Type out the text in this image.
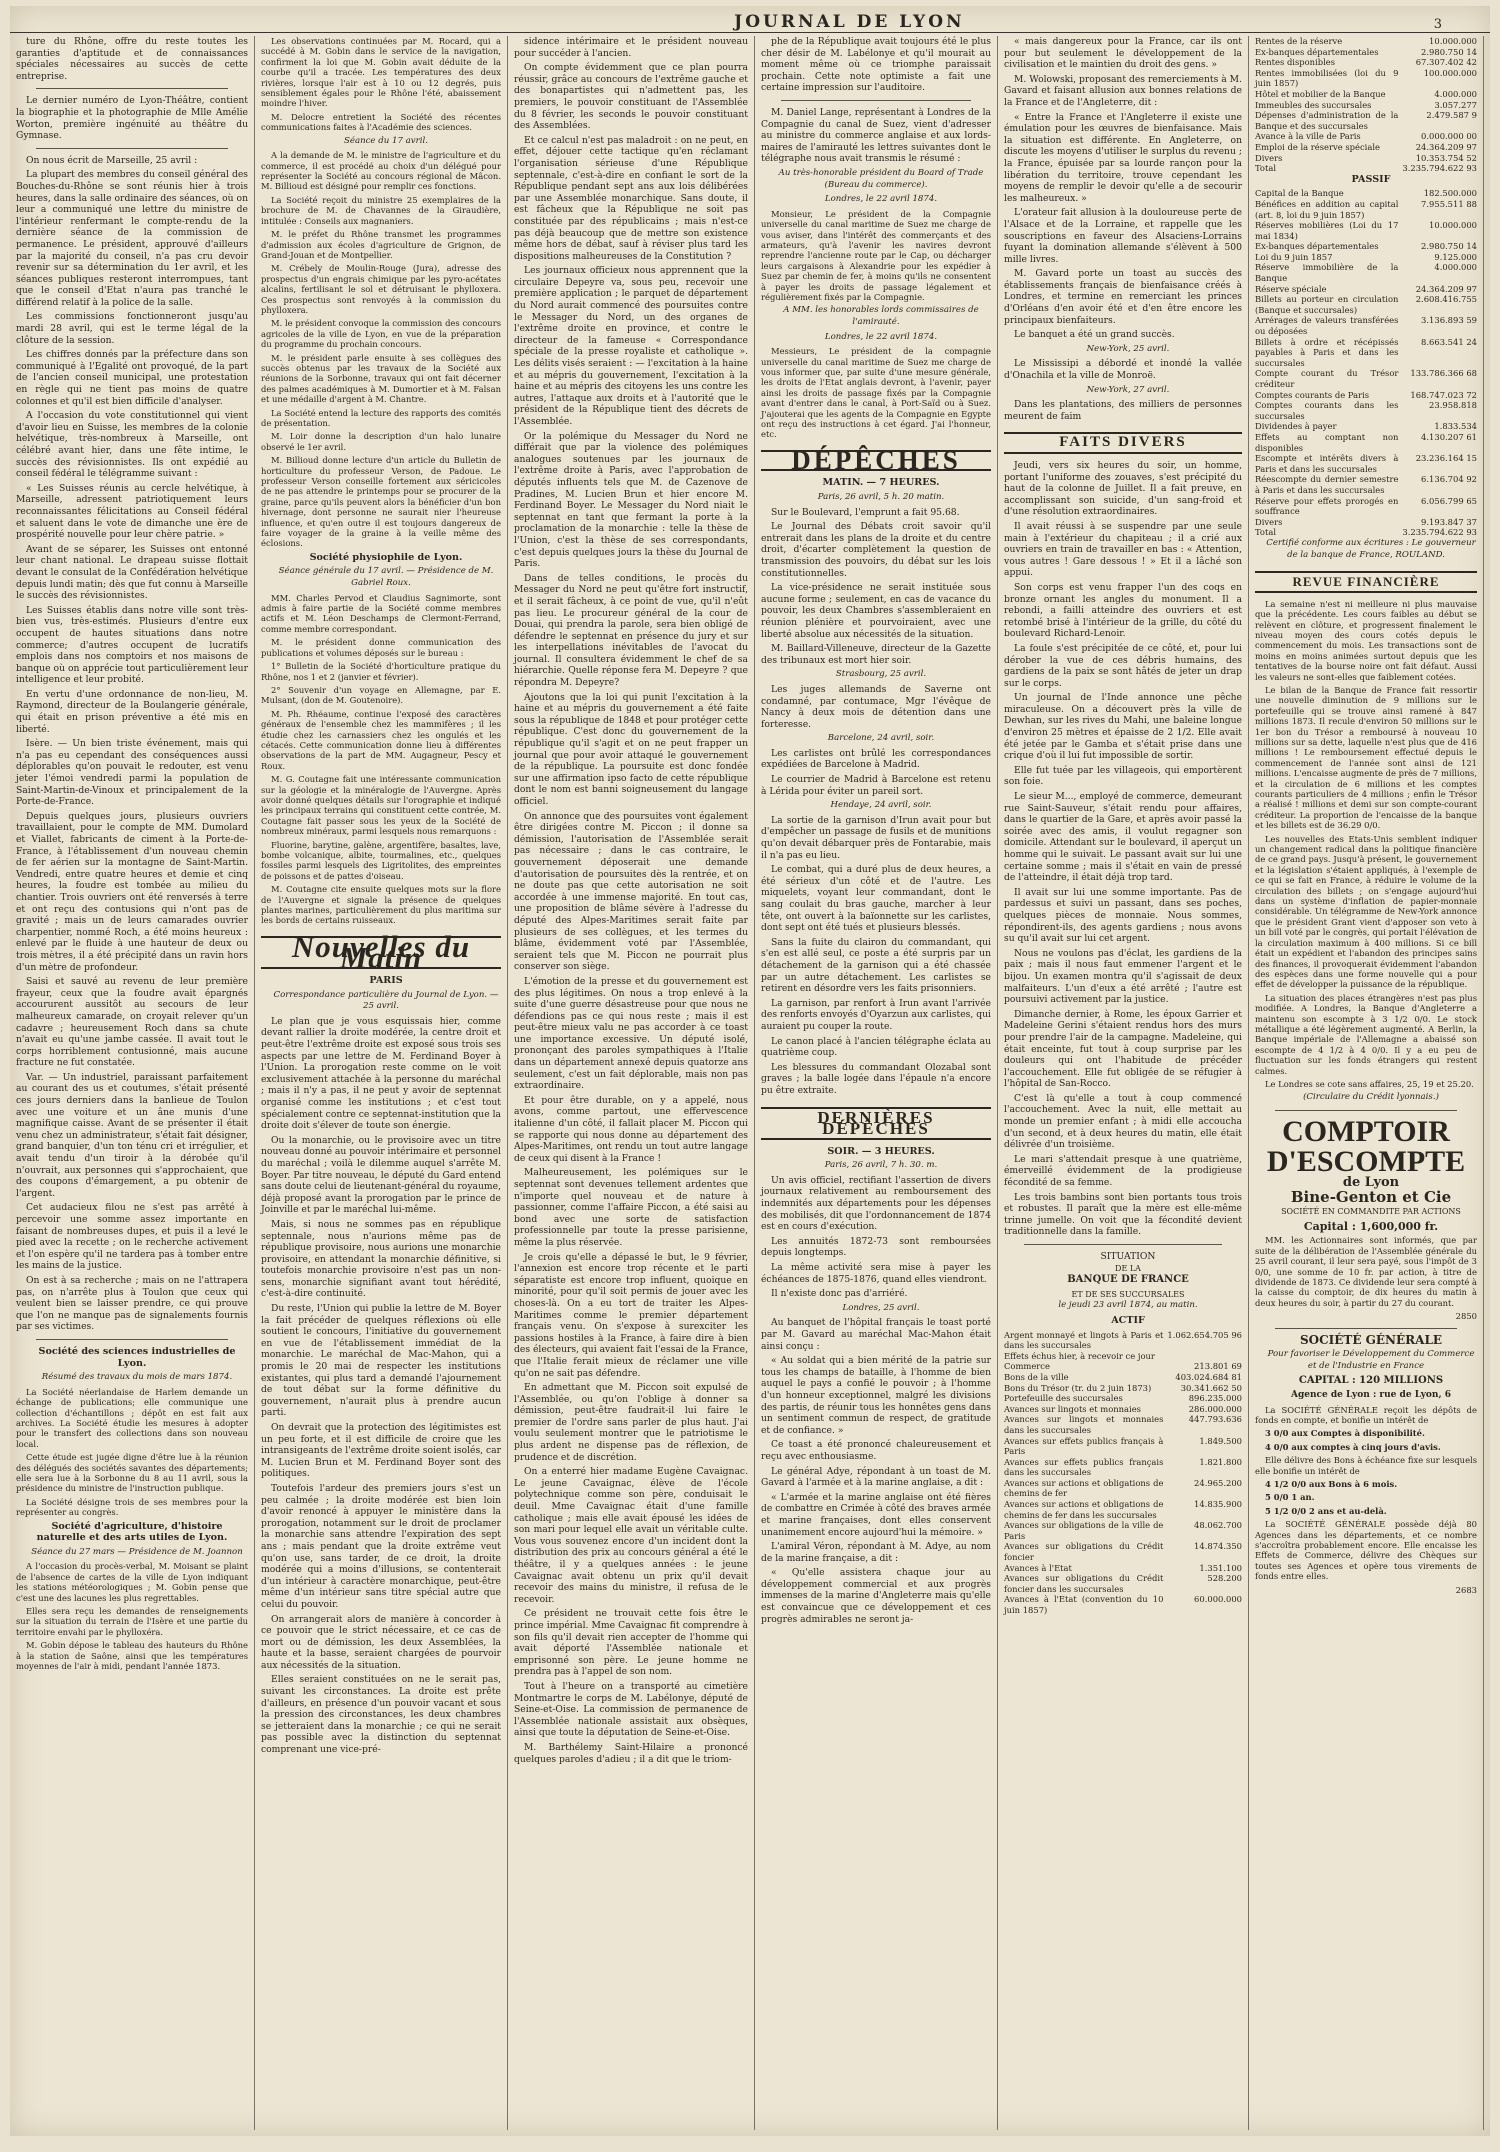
JOURNAL DE LYON	3

ture du Rhône, offre du reste toutes les garanties d'aptitude et de connaissances spéciales nécessaires au succès de cette entreprise.

Le dernier numéro de Lyon-Théâtre, contient la biographie et la photographie de Mlle Amélie Worton, première ingénuité au théâtre du Gymnase.

On nous écrit de Marseille, 25 avril :

La plupart des membres du conseil général des Bouches-du-Rhône se sont réunis hier à trois heures, dans la salle ordinaire des séances, où on leur a communiqué une lettre du ministre de l'intérieur renfermant le compte-rendu de la dernière séance de la commission de permanence. Le président, approuvé d'ailleurs par la majorité du conseil, n'a pas cru devoir revenir sur sa détermination du 1er avril, et les séances publiques resteront interrompues, tant que le conseil d'Etat n'aura pas tranché le différend relatif à la police de la salle.

Les commissions fonctionneront jusqu'au mardi 28 avril, qui est le terme légal de la clôture de la session.

Les chiffres donnés par la préfecture dans son communiqué à l'Egalité ont provoqué, de la part de l'ancien conseil municipal, une protestation en règle qui ne tient pas moins de quatre colonnes et qu'il est bien difficile d'analyser.

A l'occasion du vote constitutionnel qui vient d'avoir lieu en Suisse, les membres de la colonie helvétique, très-nombreux à Marseille, ont célébré avant hier, dans une fête intime, le succès des révisionnistes. Ils ont expédié au conseil fédéral le télégramme suivant :

« Les Suisses réunis au cercle helvétique, à Marseille, adressent patriotiquement leurs reconnaissantes félicitations au Conseil fédéral et saluent dans le vote de dimanche une ère de prospérité nouvelle pour leur chère patrie. »

Avant de se séparer, les Suisses ont entonné leur chant national. Le drapeau suisse flottait devant le consulat de la Confédération helvétique depuis lundi matin; dès que fut connu à Marseille le succès des révisionnistes.

Les Suisses établis dans notre ville sont très-bien vus, très-estimés. Plusieurs d'entre eux occupent de hautes situations dans notre commerce; d'autres occupent de lucratifs emplois dans nos comptoirs et nos maisons de banque où on apprécie tout particulièrement leur intelligence et leur probité.

En vertu d'une ordonnance de non-lieu, M. Raymond, directeur de la Boulangerie générale, qui était en prison préventive a été mis en liberté.

Isère. — Un bien triste événement, mais qui n'a pas eu cependant des conséquences aussi déplorables qu'on pouvait le redouter, est venu jeter l'émoi vendredi parmi la population de Saint-Martin-de-Vinoux et principalement de la Porte-de-France.

Depuis quelques jours, plusieurs ouvriers travaillaient, pour le compte de MM. Dumolard et Viallet, fabricants de ciment à la Porte-de-France, à l'établissement d'un nouveau chemin de fer aérien sur la montagne de Saint-Martin. Vendredi, entre quatre heures et demie et cinq heures, la foudre est tombée au milieu du chantier. Trois ouvriers ont été renversés à terre et ont reçu des contusions qui n'ont pas de gravité ; mais un de leurs camarades ouvrier charpentier, nommé Roch, a été moins heureux : enlevé par le fluide à une hauteur de deux ou trois mètres, il a été précipité dans un ravin hors d'un mètre de profondeur.

Saisi et sauvé au revenu de leur première frayeur, ceux que la foudre avait épargnés accoururent aussitôt au secours de leur malheureux camarade, on croyait relever qu'un cadavre ; heureusement Roch dans sa chute n'avait eu qu'une jambe cassée. Il avait tout le corps horriblement contusionné, mais aucune fracture ne fut constatée.

Var. — Un industriel, paraissant parfaitement au courant des us et coutumes, s'était présenté ces jours derniers dans la banlieue de Toulon avec une voiture et un âne munis d'une magnifique caisse. Avant de se présenter il était venu chez un administrateur, s'était fait désigner, grand banquier, d'un ton ténu cri et irrégulier, et avait tendu d'un tiroir à la dérobée qu'il n'ouvrait, aux personnes qui s'approchaient, que des coupons d'émargement, a pu obtenir de l'argent.

Cet audacieux filou ne s'est pas arrêté à percevoir une somme assez importante en faisant de nombreuses dupes, et puis il a levé le pied avec la recette ; on le recherche activement et l'on espère qu'il ne tardera pas à tomber entre les mains de la justice.

On est à sa recherche ; mais on ne l'attrapera pas, on n'arrête plus à Toulon que ceux qui veulent bien se laisser prendre, ce qui prouve que l'on ne manque pas de signalements fournis par ses victimes.

Société des sciences industrielles de Lyon.

Résumé des travaux du mois de mars 1874.

La Société néerlandaise de Harlem demande un échange de publications; elle communique une collection d'échantillons ; dépôt en est fait aux archives. La Société étudie les mesures à adopter pour le transfert des collections dans son nouveau local.

Cette étude est jugée digne d'être lue à la réunion des délégués des sociétés savantes des départements; elle sera lue à la Sorbonne du 8 au 11 avril, sous la présidence du ministre de l'instruction publique.

La Société désigne trois de ses membres pour la représenter au congrès.

Société d'agriculture, d'histoire naturelle et des arts utiles de Lyon.

Séance du 27 mars — Présidence de M. Joannon

A l'occasion du procès-verbal, M. Moisant se plaint de l'absence de cartes de la ville de Lyon indiquant les stations météorologiques ; M. Gobin pense que c'est une des lacunes les plus regrettables.

Elles sera reçu les demandes de renseignements sur la situation du terrain de l'Isère et une partie du territoire envahi par le phylloxéra.

M. Gobin dépose le tableau des hauteurs du Rhône à la station de Saône, ainsi que les températures moyennes de l'air à midi, pendant l'année 1873.

Les observations continuées par M. Rocard, qui a succédé à M. Gobin dans le service de la navigation, confirment la loi que M. Gobin avait déduite de la courbe qu'il a tracée. Les températures des deux rivières, lorsque l'air est à 10 ou 12 degrés, puis sensiblement égales pour le Rhône l'été, abaissement moindre l'hiver.

M. Delocre entretient la Société des récentes communications faites à l'Académie des sciences.

Séance du 17 avril.

A la demande de M. le ministre de l'agriculture et du commerce, il est procédé au choix d'un délégué pour représenter la Société au concours régional de Mâcon. M. Billioud est désigné pour remplir ces fonctions.

La Société reçoit du ministre 25 exemplaires de la brochure de M. de Chavannes de la Giraudière, intitulée : Conseils aux magnaniers.

M. le préfet du Rhône transmet les programmes d'admission aux écoles d'agriculture de Grignon, de Grand-Jouan et de Montpellier.

M. Crébely de Moulin-Rouge (Jura), adresse des prospectus d'un engrais chimique par les pyro-acétates alcalins, fertilisant le sol et détruisant le phylloxera. Ces prospectus sont renvoyés à la commission du phylloxera.

M. le président convoque la commission des concours agricoles de la ville de Lyon, en vue de la préparation du programme du prochain concours.

M. le président parle ensuite à ses collègues des succès obtenus par les travaux de la Société aux réunions de la Sorbonne, travaux qui ont fait décerner des palmes académiques à M. Dumortier et à M. Falsan et une médaille d'argent à M. Chantre.

La Société entend la lecture des rapports des comités de présentation.

M. Loir donne la description d'un halo lunaire observé le 1er avril.

M. Billioud donne lecture d'un article du Bulletin de horticulture du professeur Verson, de Padoue. Le professeur Verson conseille fortement aux séricicoles de ne pas attendre le printemps pour se procurer de la graine, parce qu'ils peuvent alors la bénéficier d'un bon hivernage, dont personne ne saurait nier l'heureuse influence, et qu'en outre il est toujours dangereux de faire voyager de la graine à la veille même des éclosions.

Société physiophile de Lyon.

Séance générale du 17 avril. — Présidence de M. Gabriel Roux.

MM. Charles Pervod et Claudius Sagnimorte, sont admis à faire partie de la Société comme membres actifs et M. Léon Deschamps de Clermont-Ferrand, comme membre correspondant.

M. le président donne communication des publications et volumes déposés sur le bureau :

1° Bulletin de la Société d'horticulture pratique du Rhône, nos 1 et 2 (janvier et février).

2° Souvenir d'un voyage en Allemagne, par E. Mulsant, (don de M. Goutenoire).

M. Ph. Rhéaume, continue l'exposé des caractères généraux de l'ensemble chez les mammifères ; il les étudie chez les carnassiers chez les ongulés et les cétacés. Cette communication donne lieu à différentes observations de la part de MM. Augagneur, Pescy et Roux.

M. G. Coutagne fait une intéressante communication sur la géologie et la minéralogie de l'Auvergne. Après avoir donné quelques détails sur l'orographie et indiqué les principaux terrains qui constituent cette contrée, M. Coutagne fait passer sous les yeux de la Société de nombreux minéraux, parmi lesquels nous remarquons :

Fluorine, barytine, galène, argentifère, basaltes, lave, bombe volcanique, albite, tourmalines, etc., quelques fossiles parmi lesquels des Ligritolites, des empreintes de poissons et de pattes d'oiseau.

M. Coutagne cite ensuite quelques mots sur la flore de l'Auvergne et signale la présence de quelques plantes marines, particulièrement du plus maritima sur les bords de certains ruisseaux.

Nouvelles du Matin

PARIS

Correspondance particulière du Journal de Lyon. — 25 avril.

Le plan que je vous esquissais hier, comme devant rallier la droite modérée, la centre droit et peut-être l'extrême droite est exposé sous trois ses aspects par une lettre de M. Ferdinand Boyer à l'Union. La prorogation reste comme on le voit exclusivement attachée à la personne du maréchal ; mais il n'y a pas, il ne peut y avoir de septennat organisé comme les institutions ; et c'est tout spécialement contre ce septennat-institution que la droite doit s'élever de toute son énergie.

Ou la monarchie, ou le provisoire avec un titre nouveau donné au pouvoir intérimaire et personnel du maréchal ; voilà le dilemme auquel s'arrête M. Boyer. Par titre nouveau, le député du Gard entend sans doute celui de lieutenant-général du royaume, déjà proposé avant la prorogation par le prince de Joinville et par le maréchal lui-même.

Mais, si nous ne sommes pas en république septennale, nous n'aurions même pas de république provisoire, nous aurions une monarchie provisoire, en attendant la monarchie définitive, si toutefois monarchie provisoire n'est pas un non-sens, monarchie signifiant avant tout hérédité, c'est-à-dire continuité.

Du reste, l'Union qui publie la lettre de M. Boyer la fait précéder de quelques réflexions où elle soutient le concours, l'initiative du gouvernement en vue de l'établissement immédiat de la monarchie. Le maréchal de Mac-Mahon, qui a promis le 20 mai de respecter les institutions existantes, qui plus tard a demandé l'ajournement de tout débat sur la forme définitive du gouvernement, n'aurait plus à prendre aucun parti.

On devrait que la protection des légitimistes est un peu forte, et il est difficile de croire que les intransigeants de l'extrême droite soient isolés, car M. Lucien Brun et M. Ferdinand Boyer sont des politiques.

Toutefois l'ardeur des premiers jours s'est un peu calmée ; la droite modérée est bien loin d'avoir renoncé à appuyer le ministère dans la prorogation, notamment sur le droit de proclamer la monarchie sans attendre l'expiration des sept ans ; mais pendant que la droite extrême veut qu'on use, sans tarder, de ce droit, la droite modérée qui a moins d'illusions, se contenterait d'un intérieur à caractère monarchique, peut-être même d'un intérieur sans titre spécial autre que celui du pouvoir.

On arrangerait alors de manière à concorder à ce pouvoir que le strict nécessaire, et ce cas de mort ou de démission, les deux Assemblées, la haute et la basse, seraient chargées de pourvoir aux nécessités de la situation.

Elles seraient constituées on ne le serait pas, suivant les circonstances. La droite est prête d'ailleurs, en présence d'un pouvoir vacant et sous la pression des circonstances, les deux chambres se jetteraient dans la monarchie ; ce qui ne serait pas possible avec la distinction du septennat comprenant une vice-pré-

sidence intérimaire et le président nouveau pour succéder à l'ancien.

On compte évidemment que ce plan pourra réussir, grâce au concours de l'extrême gauche et des bonapartistes qui n'admettent pas, les premiers, le pouvoir constituant de l'Assemblée du 8 février, les seconds le pouvoir constituant des Assemblées.

Et ce calcul n'est pas maladroit : on ne peut, en effet, déjouer cette tactique qu'en réclamant l'organisation sérieuse d'une République septennale, c'est-à-dire en confiant le sort de la République pendant sept ans aux lois délibérées par une Assemblée monarchique. Sans doute, il est fâcheux que la République ne soit pas constituée par des républicains ; mais n'est-ce pas déjà beaucoup que de mettre son existence même hors de débat, sauf à réviser plus tard les dispositions malheureuses de la Constitution ?

Les journaux officieux nous apprennent que la circulaire Depeyre va, sous peu, recevoir une première application ; le parquet de département du Nord aurait commencé des poursuites contre le Messager du Nord, un des organes de l'extrême droite en province, et contre le directeur de la fameuse « Correspondance spéciale de la presse royaliste et catholique ». Les délits visés seraient : — l'excitation à la haine et au mépris du gouvernement, l'excitation à la haine et au mépris des citoyens les uns contre les autres, l'attaque aux droits et à l'autorité que le président de la République tient des décrets de l'Assemblée.

Or la polémique du Messager du Nord ne différait que par la violence des polémiques analogues soutenues par les journaux de l'extrême droite à Paris, avec l'approbation de députés influents tels que M. de Cazenove de Pradines, M. Lucien Brun et hier encore M. Ferdinand Boyer. Le Messager du Nord niait le septennat en tant que fermant la porte à la proclamation de la monarchie : telle la thèse de l'Union, c'est la thèse de ses correspondants, c'est depuis quelques jours la thèse du Journal de Paris.

Dans de telles conditions, le procès du Messager du Nord ne peut qu'être fort instructif, et il serait fâcheux, à ce point de vue, qu'il n'eût pas lieu. Le procureur général de la cour de Douai, qui prendra la parole, sera bien obligé de défendre le septennat en présence du jury et sur les interpellations inévitables de l'avocat du journal. Il consultera évidemment le chef de sa hiérarchie. Quelle réponse fera M. Depeyre ? que répondra M. Depeyre?

Ajoutons que la loi qui punit l'excitation à la haine et au mépris du gouvernement a été faite sous la république de 1848 et pour protéger cette république. C'est donc du gouvernement de la république qu'il s'agit et on ne peut frapper un journal que pour avoir attaqué le gouvernement de la république. La poursuite est donc fondée sur une affirmation ipso facto de cette république dont le nom est banni soigneusement du langage officiel.

On annonce que des poursuites vont également être dirigées contre M. Piccon ; il donne sa démission, l'autorisation de l'Assemblée serait pas nécessaire ; dans le cas contraire, le gouvernement déposerait une demande d'autorisation de poursuites dès la rentrée, et on ne doute pas que cette autorisation ne soit accordée à une immense majorité. En tout cas, une proposition de blâme sévère à l'adresse du député des Alpes-Maritimes serait faite par plusieurs de ses collègues, et les termes du blâme, évidemment voté par l'Assemblée, seraient tels que M. Piccon ne pourrait plus conserver son siège.

L'émotion de la presse et du gouvernement est des plus légitimes. On nous a trop enlevé à la suite d'une guerre désastreuse pour que nous ne défendions pas ce qui nous reste ; mais il est peut-être mieux valu ne pas accorder à ce toast une importance excessive. Un député isolé, prononçant des paroles sympathiques à l'Italie dans un département annexé depuis quatorze ans seulement, c'est un fait déplorable, mais non pas extraordinaire.

Et pour être durable, on y a appelé, nous avons, comme partout, une effervescence italienne d'un côté, il fallait placer M. Piccon qui se rapporte qui nous donne au département des Alpes-Maritimes, ont rendu un tout autre langage de ceux qui disent à la France !

Malheureusement, les polémiques sur le septennat sont devenues tellement ardentes que n'importe quel nouveau et de nature à passionner, comme l'affaire Piccon, a été saisi au bond avec une sorte de satisfaction professionnelle par toute la presse parisienne, même la plus réservée.

Je crois qu'elle a dépassé le but, le 9 février, l'annexion est encore trop récente et le parti séparatiste est encore trop influent, quoique en minorité, pour qu'il soit permis de jouer avec les choses-là. On a eu tort de traiter les Alpes-Maritimes comme le premier département français venu. On s'expose à surexciter les passions hostiles à la France, à faire dire à bien des électeurs, qui avaient fait l'essai de la France, que l'Italie ferait mieux de réclamer une ville qu'on ne sait pas défendre.

En admettant que M. Piccon soit expulsé de l'Assemblée, ou qu'on l'oblige à donner sa démission, peut-être faudrait-il lui faire le premier de l'ordre sans parler de plus haut. J'ai voulu seulement montrer que le patriotisme le plus ardent ne dispense pas de réflexion, de prudence et de discrétion.

On a enterré hier madame Eugène Cavaignac. Le jeune Cavaignac, élève de l'école polytechnique comme son père, conduisait le deuil. Mme Cavaignac était d'une famille catholique ; mais elle avait épousé les idées de son mari pour lequel elle avait un véritable culte. Vous vous souvenez encore d'un incident dont la distribution des prix au concours général a été le théâtre, il y a quelques années : le jeune Cavaignac avait obtenu un prix qu'il devait recevoir des mains du ministre, il refusa de le recevoir.

Ce président ne trouvait cette fois être le prince impérial. Mme Cavaignac fit comprendre à son fils qu'il devait rien accepter de l'homme qui avait déporté l'Assemblée nationale et emprisonné son père. Le jeune homme ne prendra pas à l'appel de son nom.

Tout à l'heure on a transporté au cimetière Montmartre le corps de M. Labélonye, député de Seine-et-Oise. La commission de permanence de l'Assemblée nationale assistait aux obsèques, ainsi que toute la députation de Seine-et-Oise.

M. Barthélemy Saint-Hilaire a prononcé quelques paroles d'adieu ; il a dit que le triom-

phe de la République avait toujours été le plus cher désir de M. Labélonye et qu'il mourait au moment même où ce triomphe paraissait prochain. Cette note optimiste a fait une certaine impression sur l'auditoire.

M. Daniel Lange, représentant à Londres de la Compagnie du canal de Suez, vient d'adresser au ministre du commerce anglaise et aux lords-maires de l'amirauté les lettres suivantes dont le télégraphe nous avait transmis le résumé :

Au très-honorable président du Board of Trade (Bureau du commerce).

Londres, le 22 avril 1874.

Monsieur, Le président de la Compagnie universelle du canal maritime de Suez me charge de vous aviser, dans l'intérêt des commerçants et des armateurs, qu'à l'avenir les navires devront reprendre l'ancienne route par le Cap, ou décharger leurs cargaisons à Alexandrie pour les expédier à Suez par chemin de fer, à moins qu'ils ne consentent à payer les droits de passage légalement et régulièrement fixés par la Compagnie.

A MM. les honorables lords commissaires de l'amirauté.

Londres, le 22 avril 1874.

Messieurs, Le président de la compagnie universelle du canal maritime de Suez me charge de vous informer que, par suite d'une mesure générale, les droits de l'Etat anglais devront, à l'avenir, payer ainsi les droits de passage fixés par la Compagnie avant d'entrer dans le canal, à Port-Saïd ou à Suez. J'ajouterai que les agents de la Compagnie en Egypte ont reçu des instructions à cet égard. J'ai l'honneur, etc.

DÉPÊCHES

MATIN. — 7 HEURES.

Paris, 26 avril, 5 h. 20 matin.

Sur le Boulevard, l'emprunt a fait 95.68.

Le Journal des Débats croit savoir qu'il entrerait dans les plans de la droite et du centre droit, d'écarter complètement la question de transmission des pouvoirs, du débat sur les lois constitutionnelles.

La vice-présidence ne serait instituée sous aucune forme ; seulement, en cas de vacance du pouvoir, les deux Chambres s'assembleraient en réunion plénière et pourvoiraient, avec une liberté absolue aux nécessités de la situation.

M. Baillard-Villeneuve, directeur de la Gazette des tribunaux est mort hier soir.

Strasbourg, 25 avril.

Les juges allemands de Saverne ont condamné, par contumace, Mgr l'évêque de Nancy à deux mois de détention dans une forteresse.

Barcelone, 24 avril, soir.

Les carlistes ont brûlé les correspondances expédiées de Barcelone à Madrid.

Le courrier de Madrid à Barcelone est retenu à Lérida pour éviter un pareil sort.

Hendaye, 24 avril, soir.

La sortie de la garnison d'Irun avait pour but d'empêcher un passage de fusils et de munitions qu'on devait débarquer près de Fontarabie, mais il n'a pas eu lieu.

Le combat, qui a duré plus de deux heures, a été sérieux d'un côté et de l'autre. Les miquelets, voyant leur commandant, dont le sang coulait du bras gauche, marcher à leur tête, ont ouvert à la baïonnette sur les carlistes, dont sept ont été tués et plusieurs blessés.

Sans la fuite du clairon du commandant, qui s'en est allé seul, ce poste a été surpris par un détachement de la garnison qui a été chassée par un autre détachement. Les carlistes se retirent en désordre vers les faits prisonniers.

La garnison, par renfort à Irun avant l'arrivée des renforts envoyés d'Oyarzun aux carlistes, qui auraient pu couper la route.

Le canon placé à l'ancien télégraphe éclata au quatrième coup.

Les blessures du commandant Olozabal sont graves ; la balle logée dans l'épaule n'a encore pu être extraite.

DERNIÈRES DÉPÊCHES

SOIR. — 3 HEURES.

Paris, 26 avril, 7 h. 30. m.

Un avis officiel, rectifiant l'assertion de divers journaux relativement au remboursement des indemnités aux départements pour les dépenses des mobilisés, dit que l'ordonnancement de 1874 est en cours d'exécution.

Les annuités 1872-73 sont remboursées depuis longtemps.

La même activité sera mise à payer les échéances de 1875-1876, quand elles viendront.

Il n'existe donc pas d'arriéré.

Londres, 25 avril.

Au banquet de l'hôpital français le toast porté par M. Gavard au maréchal Mac-Mahon était ainsi conçu :

« Au soldat qui a bien mérité de la patrie sur tous les champs de bataille, à l'homme de bien auquel le pays a confié le pouvoir ; à l'homme d'un honneur exceptionnel, malgré les divisions des partis, de réunir tous les honnêtes gens dans un sentiment commun de respect, de gratitude et de confiance. »

Ce toast a été prononcé chaleureusement et reçu avec enthousiasme.

Le général Adye, répondant à un toast de M. Gavard à l'armée et à la marine anglaise, a dit :

« L'armée et la marine anglaise ont été fières de combattre en Crimée à côté des braves armée et marine françaises, dont elles conservent unanimement encore aujourd'hui la mémoire. »

L'amiral Véron, répondant à M. Adye, au nom de la marine française, a dit :

« Qu'elle assistera chaque jour au développement commercial et aux progrès immenses de la marine d'Angleterre mais qu'elle est convaincue que ce développement et ces progrès admirables ne seront ja-

« mais dangereux pour la France, car ils ont pour but seulement le développement de la civilisation et le maintien du droit des gens. »

M. Wolowski, proposant des remerciements à M. Gavard et faisant allusion aux bonnes relations de la France et de l'Angleterre, dit :

« Entre la France et l'Angleterre il existe une émulation pour les œuvres de bienfaisance. Mais la situation est différente. En Angleterre, on discute les moyens d'utiliser le surplus du revenu ; la France, épuisée par sa lourde rançon pour la libération du territoire, trouve cependant les moyens de remplir le devoir qu'elle a de secourir les malheureux. »

L'orateur fait allusion à la douloureuse perte de l'Alsace et de la Lorraine, et rappelle que les souscriptions en faveur des Alsaciens-Lorrains fuyant la domination allemande s'élèvent à 500 mille livres.

M. Gavard porte un toast au succès des établissements français de bienfaisance créés à Londres, et termine en remerciant les princes d'Orléans d'en avoir été et d'en être encore les principaux bienfaiteurs.

Le banquet a été un grand succès.

New-York, 25 avril.

Le Mississipi a débordé et inondé la vallée d'Onachila et la ville de Monroë.

New-York, 27 avril.

Dans les plantations, des milliers de personnes meurent de faim

FAITS DIVERS

Jeudi, vers six heures du soir, un homme, portant l'uniforme des zouaves, s'est précipité du haut de la colonne de Juillet. Il a fait preuve, en accomplissant son suicide, d'un sang-froid et d'une résolution extraordinaires.

Il avait réussi à se suspendre par une seule main à l'extérieur du chapiteau ; il a crié aux ouvriers en train de travailler en bas : « Attention, vous autres ! Gare dessous ! » Et il a lâché son appui.

Son corps est venu frapper l'un des coqs en bronze ornant les angles du monument. Il a rebondi, a failli atteindre des ouvriers et est retombé brisé à l'intérieur de la grille, du côté du boulevard Richard-Lenoir.

La foule s'est précipitée de ce côté, et, pour lui dérober la vue de ces débris humains, des gardiens de la paix se sont hâtés de jeter un drap sur le corps.

Un journal de l'Inde annonce une pêche miraculeuse. On a découvert près la ville de Dewhan, sur les rives du Mahi, une baleine longue d'environ 25 mètres et épaisse de 2 1/2. Elle avait été jetée par le Gamba et s'était prise dans une crique d'où il lui fut impossible de sortir.

Elle fut tuée par les villageois, qui emportèrent son foie.

Le sieur M..., employé de commerce, demeurant rue Saint-Sauveur, s'était rendu pour affaires, dans le quartier de la Gare, et après avoir passé la soirée avec des amis, il voulut regagner son domicile. Attendant sur le boulevard, il aperçut un homme qui le suivait. Le passant avait sur lui une certaine somme ; mais il s'était en vain de pressé de l'atteindre, il était déjà trop tard.

Il avait sur lui une somme importante. Pas de pardessus et suivi un passant, dans ses poches, quelques pièces de monnaie. Nous sommes, répondirent-ils, des agents gardiens ; nous avons su qu'il avait sur lui cet argent.

Nous ne voulons pas d'éclat, les gardiens de la paix ; mais il nous faut emmener l'argent et le bijou. Un examen montra qu'il s'agissait de deux malfaiteurs. L'un d'eux a été arrêté ; l'autre est poursuivi activement par la justice.

Dimanche dernier, à Rome, les époux Garrier et Madeleine Gerini s'étaient rendus hors des murs pour prendre l'air de la campagne. Madeleine, qui était enceinte, fut tout à coup surprise par les douleurs qui ont l'habitude de précéder l'accouchement. Elle fut obligée de se réfugier à l'hôpital de San-Rocco.

C'est là qu'elle a tout à coup commencé l'accouchement. Avec la nuit, elle mettait au monde un premier enfant ; à midi elle accoucha d'un second, et à deux heures du matin, elle était délivrée d'un troisième.

Le mari s'attendait presque à une quatrième, émerveillé évidemment de la prodigieuse fécondité de sa femme.

Les trois bambins sont bien portants tous trois et robustes. Il paraît que la mère est elle-même trinne jumelle. On voit que la fécondité devient traditionnelle dans la famille.

SITUATION

DE LA

BANQUE DE FRANCE

ET DE SES SUCCURSALES

le jeudi 23 avril 1874, au matin.

ACTIF

Argent monnayé et lingots à Paris et dans les succursales	1.062.654.705 96
Effets échus hier, à recevoir ce jour	
Commerce	213.801 69
Bons de la ville	403.024.684 81
Bons du Trésor (tr. du 2 juin 1873)	30.341.662 50
Portefeuille des succursales	896.235.000
Avances sur lingots et monnaies	286.000.000
Avances sur lingots et monnaies dans les succursales	447.793.636
Avances sur effets publics français à Paris	1.849.500
Avances sur effets publics français dans les succursales	1.821.800
Avances sur actions et obligations de chemins de fer	24.965.200
Avances sur actions et obligations de chemins de fer dans les succursales	14.835.900
Avances sur obligations de la ville de Paris	48.062.700
Avances sur obligations du Crédit foncier	14.874.350
Avances à l'Etat	1.351.100
Avances sur obligations du Crédit foncier dans les succursales	528.200
Avances à l'Etat (convention du 10 juin 1857)	60.000.000
Rentes de la réserve	10.000.000
Ex-banques départementales	2.980.750 14
Rentes disponibles	67.307.402 42
Rentes immobilisées (loi du 9 juin 1857)	100.000.000
Hôtel et mobilier de la Banque	4.000.000
Immeubles des succursales	3.057.277
Dépenses d'administration de la Banque et des succursales	2.479.587 9
Avance à la ville de Paris	0.000.000 00
Emploi de la réserve spéciale	24.364.209 97
Divers	10.353.754 52
Total	3.235.794.622 93

PASSIF

Capital de la Banque	182.500.000
Bénéfices en addition au capital (art. 8, loi du 9 juin 1857)	7.955.511 88
Réserves mobilières (Loi du 17 mai 1834)	10.000.000
Ex-banques départementales	2.980.750 14
Loi du 9 juin 1857	9.125.000
Réserve immobilière de la Banque	4.000.000
Réserve spéciale	24.364.209 97
Billets au porteur en circulation (Banque et succursales)	2.608.416.755
Arrérages de valeurs transférées ou déposées	3.136.893 59
Billets à ordre et récépissés payables à Paris et dans les succursales	8.663.541 24
Compte courant du Trésor créditeur	133.786.366 68
Comptes courants de Paris	168.747.023 72
Comptes courants dans les succursales	23.958.818
Dividendes à payer	1.833.534
Effets au comptant non disponibles	4.130.207 61
Escompte et intérêts divers à Paris et dans les succursales	23.236.164 15
Réescompte du dernier semestre à Paris et dans les succursales	6.136.704 92
Réserve pour effets prorogés en souffrance	6.056.799 65
Divers	9.193.847 37
Total	3.235.794.622 93

Certifié conforme aux écritures : Le gouverneur de la banque de France, ROULAND.

REVUE FINANCIÈRE

La semaine n'est ni meilleure ni plus mauvaise que la précédente. Les cours faibles au début se relèvent en clôture, et progressent finalement le niveau moyen des cours cotés depuis le commencement du mois. Les transactions sont de moins en moins animées surtout depuis que les tentatives de la bourse noire ont fait défaut. Aussi les valeurs ne sont-elles que faiblement cotées.

Le bilan de la Banque de France fait ressortir une nouvelle diminution de 9 millions sur le portefeuille qui se trouve ainsi ramené à 847 millions 1873. Il recule d'environ 50 millions sur le 1er bon du Trésor a remboursé à nouveau 10 millions sur sa dette, laquelle n'est plus que de 416 millions ! Le remboursement effectué depuis le commencement de l'année sont ainsi de 121 millions. L'encaisse augmente de près de 7 millions, et la circulation de 6 millions et les comptes courants particuliers de 4 millions ; enfin le Trésor a réalisé ! millions et demi sur son compte-courant créditeur. La proportion de l'encaisse de la banque et les billets est de 36.29 0/0.

Les nouvelles des Etats-Unis semblent indiquer un changement radical dans la politique financière de ce grand pays. Jusqu'à présent, le gouvernement et la législation s'étaient appliqués, à l'exemple de ce qui se fait en France, à réduire le volume de la circulation des billets ; on s'engage aujourd'hui dans un système d'inflation de papier-monnaie considérable. Un télégramme de New-York annonce que le président Grant vient d'apposer son veto à un bill voté par le congrès, qui portait l'élévation de la circulation maximum à 400 millions. Si ce bill était un expédient et l'abandon des principes sains des finances, il provoquerait évidemment l'abandon des espèces dans une forme nouvelle qui a pour effet de développer la puissance de la république.

La situation des places étrangères n'est pas plus modifiée. A Londres, la Banque d'Angleterre a maintenu son escompte à 3 1/2 0/0. Le stock métallique a été légèrement augmenté. A Berlin, la Banque impériale de l'Allemagne a abaissé son escompte de 4 1/2 à 4 0/0. Il y a eu peu de fluctuation sur les fonds étrangers qui restent calmes.

Le Londres se cote sans affaires, 25, 19 et 25.20.

(Circulaire du Crédit lyonnais.)

COMPTOIR D'ESCOMPTE

de Lyon

Bine-Genton et Cie

SOCIÉTÉ EN COMMANDITE PAR ACTIONS

Capital : 1,600,000 fr.

MM. les Actionnaires sont informés, que par suite de la délibération de l'Assemblée générale du 25 avril courant, il leur sera payé, sous l'impôt de 3 0/0, une somme de 10 fr. par action, à titre de dividende de 1873. Ce dividende leur sera compté à la caisse du comptoir, de dix heures du matin à deux heures du soir, à partir du 27 du courant.

2850

SOCIÉTÉ GÉNÉRALE

Pour favoriser le Développement du Commerce et de l'Industrie en France

CAPITAL : 120 MILLIONS

Agence de Lyon : rue de Lyon, 6

La SOCIÉTÉ GÉNÉRALE reçoit les dépôts de fonds en compte, et bonifie un intérêt de

3 0/0 aux Comptes à disponibilité.

4 0/0 aux comptes à cinq jours d'avis.

Elle délivre des Bons à échéance fixe sur lesquels elle bonifie un intérêt de

4 1/2 0/0 aux Bons à 6 mois.

5 0/0 1 an.

5 1/2 0/0 2 ans et au-delà.

La SOCIÉTÉ GÉNÉRALE possède déjà 80 Agences dans les départements, et ce nombre s'accroîtra probablement encore. Elle encaisse les Effets de Commerce, délivre des Chèques sur toutes ses Agences et opère tous virements de fonds entre elles.

2683
